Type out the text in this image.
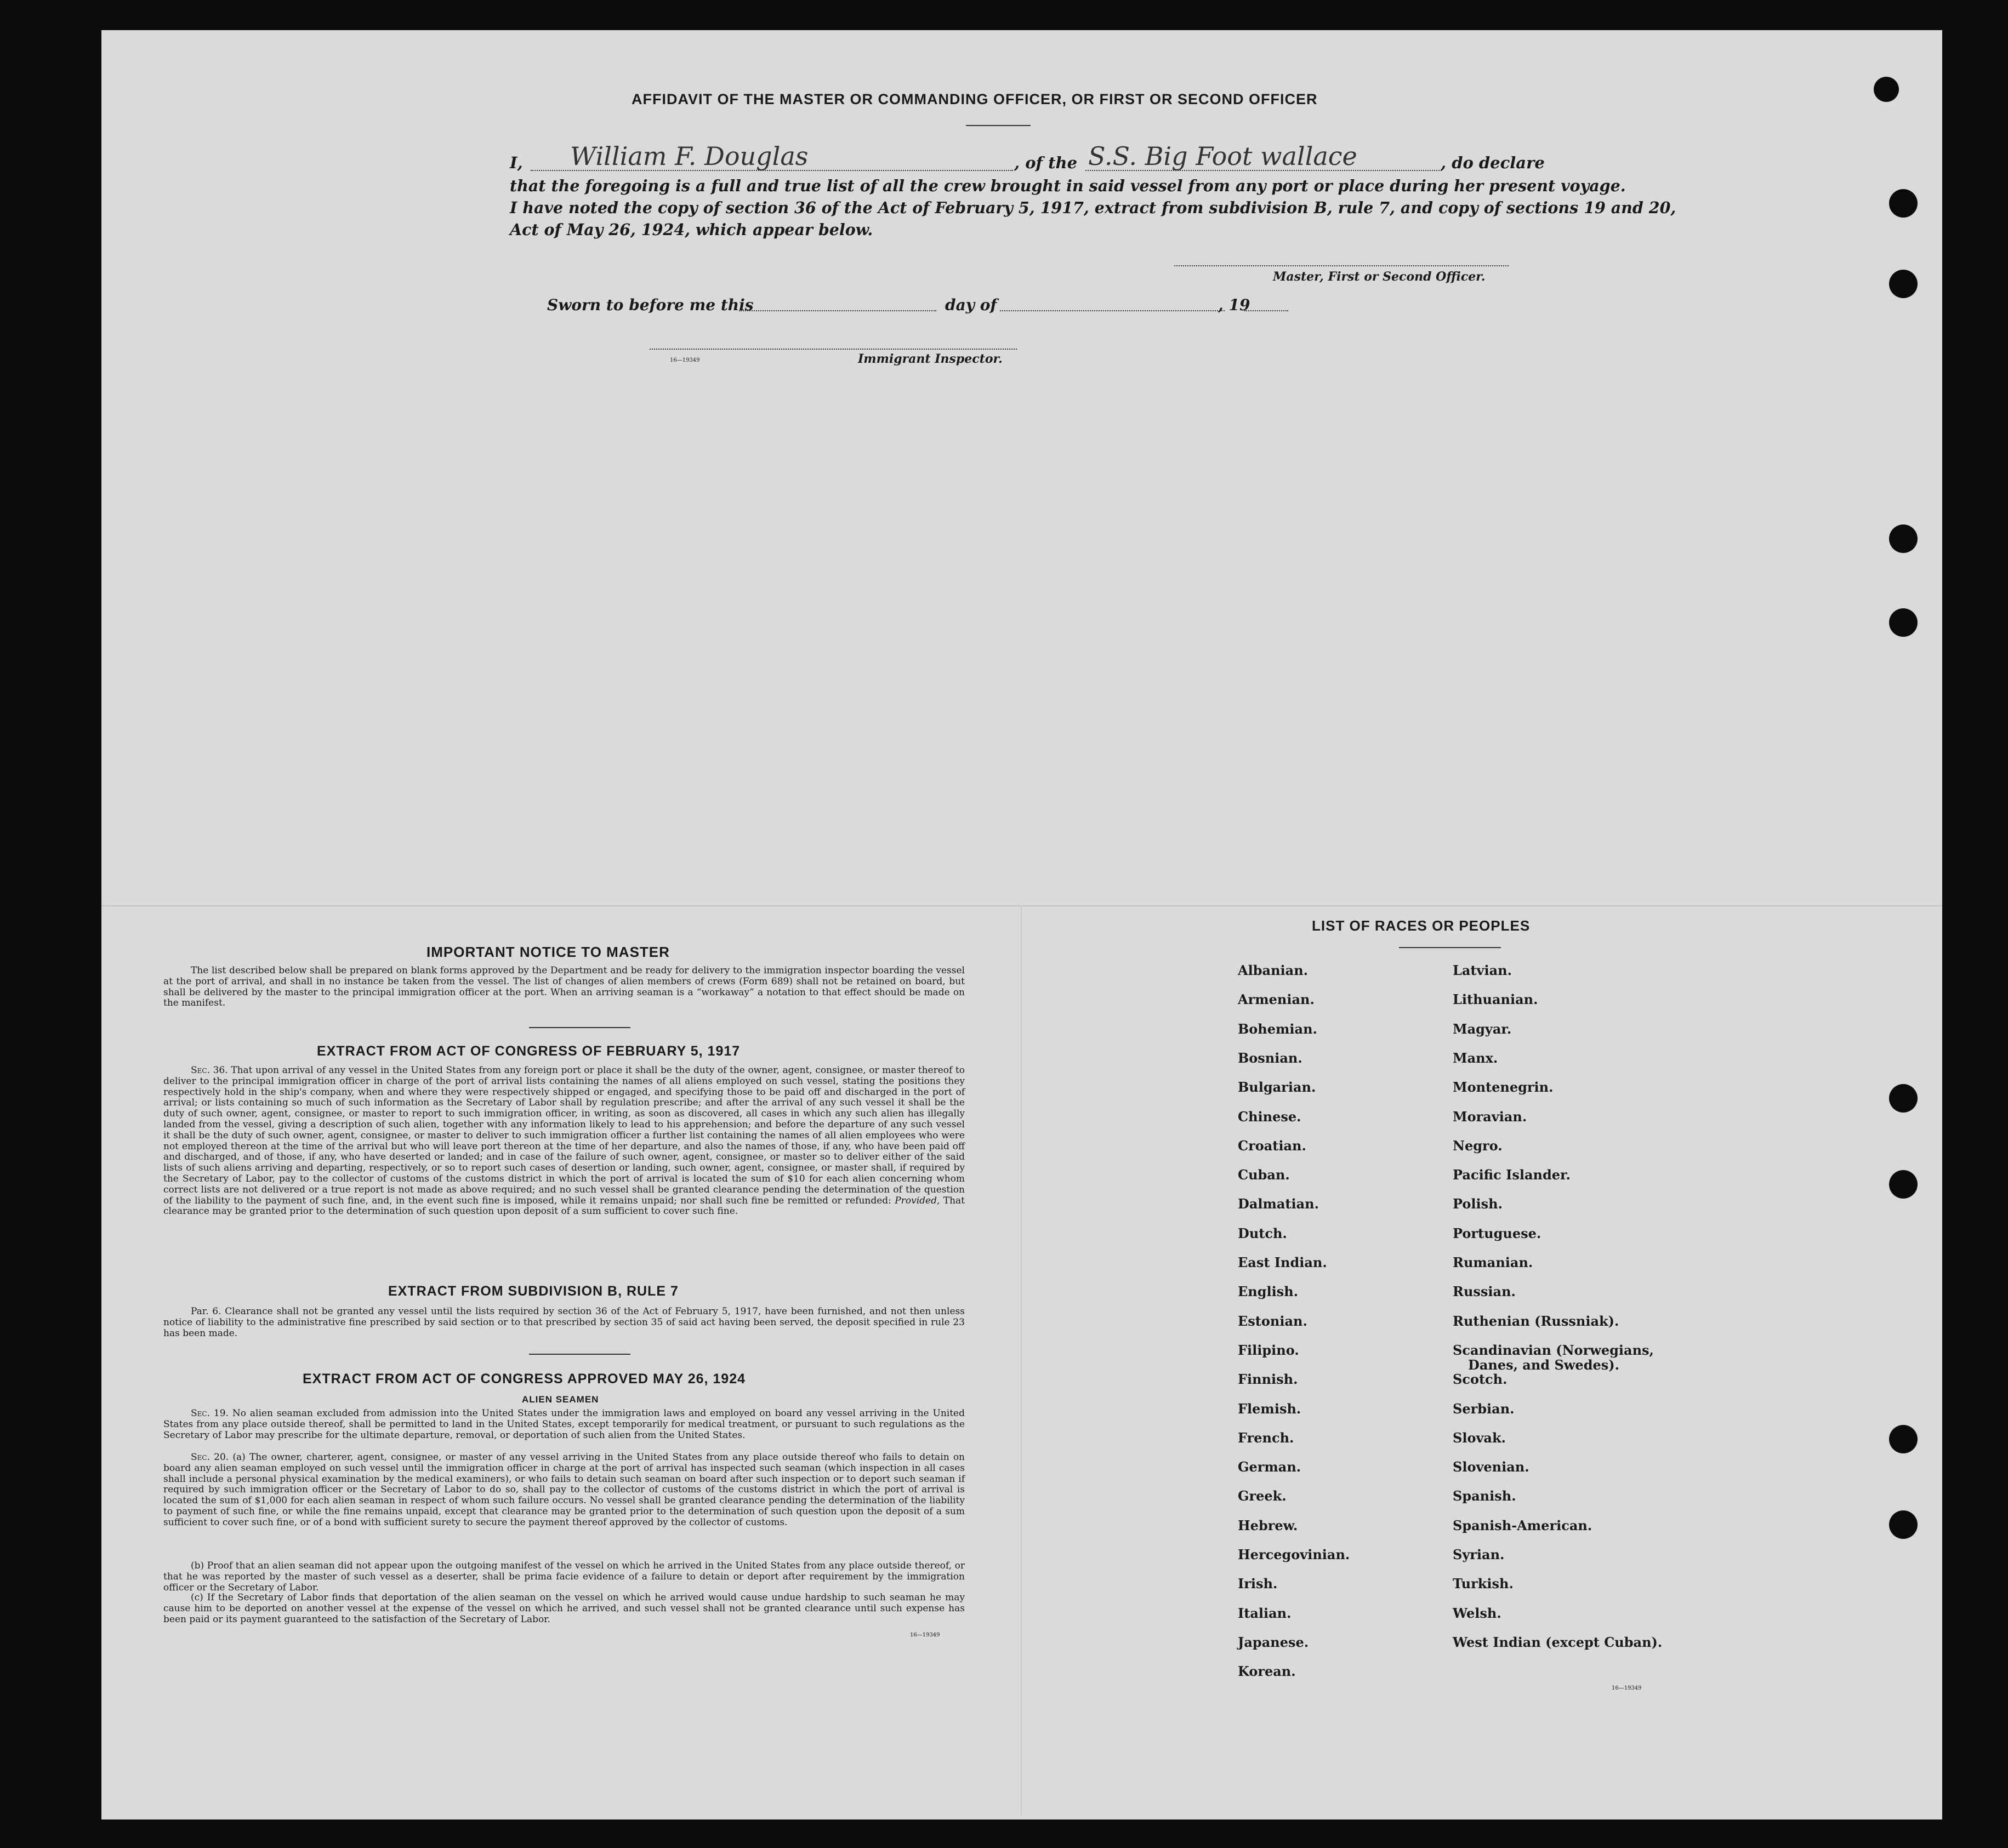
AFFIDAVIT OF THE MASTER OR COMMANDING OFFICER, OR FIRST OR SECOND OFFICER
I, William F. Douglas	, of the S.S. Big Foot wallace	, do declare
that the foregoing is a full and true list of all the crew brought in said vessel from any port or place during her present voyage.
I have noted the copy of section 36 of the Act of February 5, 1917, extract from subdivision B, rule 7, and copy of sections 19 and 20,
Act of May 26, 1924, which appear below.
Master, First or Second Officer.
Sworn to before me this	day of	, 19
16—19349	Immigrant Inspector.
IMPORTANT NOTICE TO MASTER
The list described below shall be prepared on blank forms approved by the Department and be ready for delivery to the immigration inspector boarding the vessel at the port of arrival, and shall in no instance be taken from the vessel. The list of changes of alien members of crews (Form 689) shall not be retained on board, but shall be delivered by the master to the principal immigration officer at the port. When an arriving seaman is a “workaway” a notation to that effect should be made on the manifest.
EXTRACT FROM ACT OF CONGRESS OF FEBRUARY 5, 1917
Sec. 36. That upon arrival of any vessel in the United States from any foreign port or place it shall be the duty of the owner, agent, consignee, or master thereof to deliver to the principal immigration officer in charge of the port of arrival lists containing the names of all aliens employed on such vessel, stating the positions they respectively hold in the ship's company, when and where they were respectively shipped or engaged, and specifying those to be paid off and discharged in the port of arrival; or lists containing so much of such information as the Secretary of Labor shall by regulation prescribe; and after the arrival of any such vessel it shall be the duty of such owner, agent, consignee, or master to report to such immigration officer, in writing, as soon as discovered, all cases in which any such alien has illegally landed from the vessel, giving a description of such alien, together with any information likely to lead to his apprehension; and before the departure of any such vessel it shall be the duty of such owner, agent, consignee, or master to deliver to such immigration officer a further list containing the names of all alien employees who were not employed thereon at the time of the arrival but who will leave port thereon at the time of her departure, and also the names of those, if any, who have been paid off and discharged, and of those, if any, who have deserted or landed; and in case of the failure of such owner, agent, consignee, or master so to deliver either of the said lists of such aliens arriving and departing, respectively, or so to report such cases of desertion or landing, such owner, agent, consignee, or master shall, if required by the Secretary of Labor, pay to the collector of customs of the customs district in which the port of arrival is located the sum of $10 for each alien concerning whom correct lists are not delivered or a true report is not made as above required; and no such vessel shall be granted clearance pending the determination of the question of the liability to the payment of such fine, and, in the event such fine is imposed, while it remains unpaid; nor shall such fine be remitted or refunded: Provided, That clearance may be granted prior to the determination of such question upon deposit of a sum sufficient to cover such fine.
EXTRACT FROM SUBDIVISION B, RULE 7
Par. 6. Clearance shall not be granted any vessel until the lists required by section 36 of the Act of February 5, 1917, have been furnished, and not then unless notice of liability to the administrative fine prescribed by said section or to that prescribed by section 35 of said act having been served, the deposit specified in rule 23 has been made.
EXTRACT FROM ACT OF CONGRESS APPROVED MAY 26, 1924
ALIEN SEAMEN
Sec. 19. No alien seaman excluded from admission into the United States under the immigration laws and employed on board any vessel arriving in the United States from any place outside thereof, shall be permitted to land in the United States, except temporarily for medical treatment, or pursuant to such regulations as the Secretary of Labor may prescribe for the ultimate departure, removal, or deportation of such alien from the United States.
Sec. 20. (a) The owner, charterer, agent, consignee, or master of any vessel arriving in the United States from any place outside thereof who fails to detain on board any alien seaman employed on such vessel until the immigration officer in charge at the port of arrival has inspected such seaman (which inspection in all cases shall include a personal physical examination by the medical examiners), or who fails to detain such seaman on board after such inspection or to deport such seaman if required by such immigration officer or the Secretary of Labor to do so, shall pay to the collector of customs of the customs district in which the port of arrival is located the sum of $1,000 for each alien seaman in respect of whom such failure occurs. No vessel shall be granted clearance pending the determination of the liability to payment of such fine, or while the fine remains unpaid, except that clearance may be granted prior to the determination of such question upon the deposit of a sum sufficient to cover such fine, or of a bond with sufficient surety to secure the payment thereof approved by the collector of customs.
(b) Proof that an alien seaman did not appear upon the outgoing manifest of the vessel on which he arrived in the United States from any place outside thereof, or that he was reported by the master of such vessel as a deserter, shall be prima facie evidence of a failure to detain or deport after requirement by the immigration officer or the Secretary of Labor.
(c) If the Secretary of Labor finds that deportation of the alien seaman on the vessel on which he arrived would cause undue hardship to such seaman he may cause him to be deported on another vessel at the expense of the vessel on which he arrived, and such vessel shall not be granted clearance until such expense has been paid or its payment guaranteed to the satisfaction of the Secretary of Labor.
16—19349
LIST OF RACES OR PEOPLES
Albanian.
Armenian.
Bohemian.
Bosnian.
Bulgarian.
Chinese.
Croatian.
Cuban.
Dalmatian.
Dutch.
East Indian.
English.
Estonian.
Filipino.
Finnish.
Flemish.
French.
German.
Greek.
Hebrew.
Hercegovinian.
Irish.
Italian.
Japanese.
Korean.
Latvian.
Lithuanian.
Magyar.
Manx.
Montenegrin.
Moravian.
Negro.
Pacific Islander.
Polish.
Portuguese.
Rumanian.
Russian.
Ruthenian (Russniak).
Scandinavian (Norwegians,
Danes, and Swedes).
Scotch.
Serbian.
Slovak.
Slovenian.
Spanish.
Spanish-American.
Syrian.
Turkish.
Welsh.
West Indian (except Cuban).
16—19349
